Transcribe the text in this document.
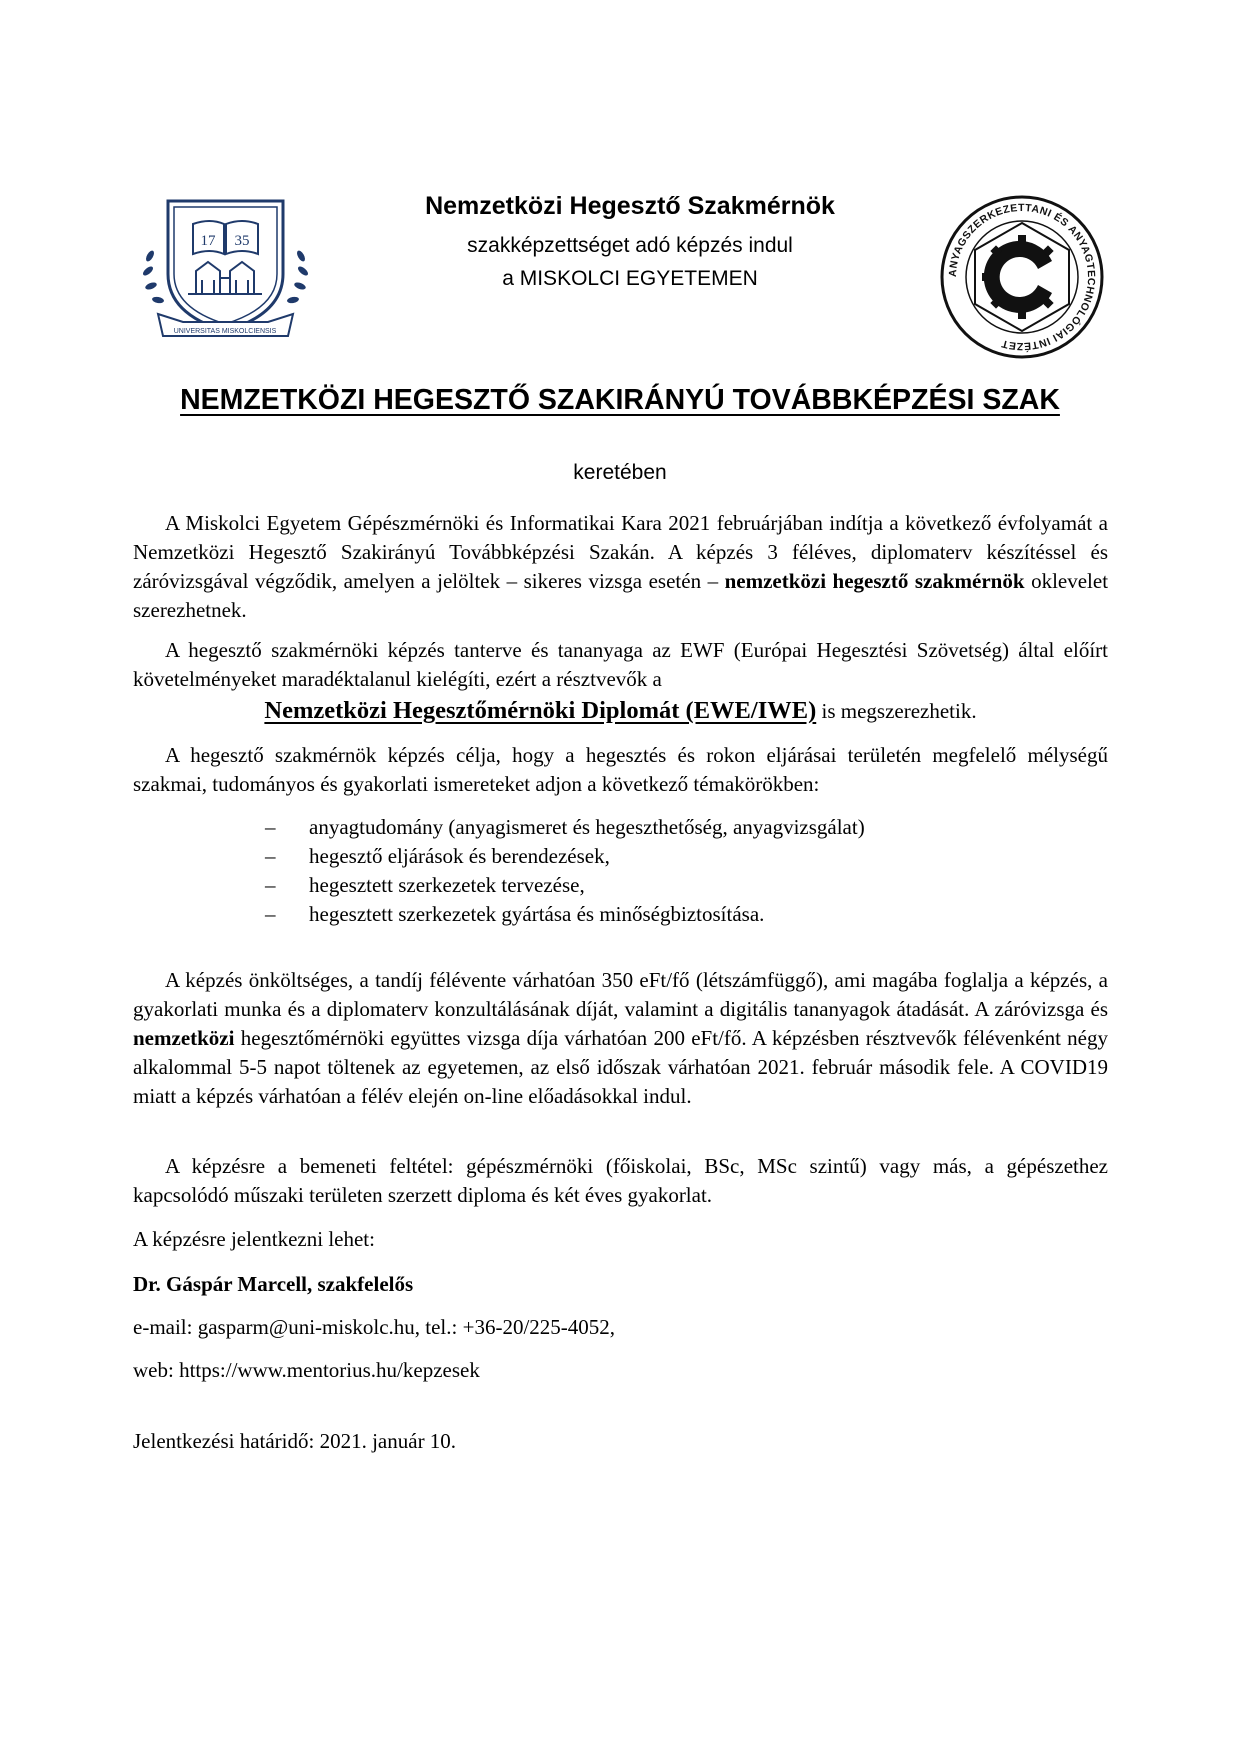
17 35
UNIVERSITAS MISKOLCIENSIS
Nemzetközi Hegesztő Szakmérnök
szakképzettséget adó képzés indul
a MISKOLCI EGYETEMEN	ANYAGSZERKEZETTANI ÉS ANYAGTECHNOLÓGIAI INTÉZET
NEMZETKÖZI HEGESZTŐ SZAKIRÁNYÚ TOVÁBBKÉPZÉSI SZAK
keretében
A Miskolci Egyetem Gépészmérnöki és Informatikai Kara 2021 februárjában indítja a következő évfolyamát a Nemzetközi Hegesztő Szakirányú Továbbképzési Szakán. A képzés 3 féléves, diplomaterv készítéssel és záróvizsgával végződik, amelyen a jelöltek – sikeres vizsga esetén – nemzetközi hegesztő szakmérnök oklevelet szerezhetnek.
A hegesztő szakmérnöki képzés tanterve és tananyaga az EWF (Európai Hegesztési Szövetség) által előírt követelményeket maradéktalanul kielégíti, ezért a résztvevők a
Nemzetközi Hegesztőmérnöki Diplomát (EWE/IWE) is megszerezhetik.
A hegesztő szakmérnök képzés célja, hogy a hegesztés és rokon eljárásai területén megfelelő mélységű szakmai, tudományos és gyakorlati ismereteket adjon a következő témakörökben:
– anyagtudomány (anyagismeret és hegeszthetőség, anyagvizsgálat)
– hegesztő eljárások és berendezések,
– hegesztett szerkezetek tervezése,
– hegesztett szerkezetek gyártása és minőségbiztosítása.
A képzés önköltséges, a tandíj félévente várhatóan 350 eFt/fő (létszámfüggő), ami magába foglalja a képzés, a gyakorlati munka és a diplomaterv konzultálásának díját, valamint a digitális tananyagok átadását. A záróvizsga és nemzetközi hegesztőmérnöki együttes vizsga díja várhatóan 200 eFt/fő. A képzésben résztvevők félévenként négy alkalommal 5-5 napot töltenek az egyetemen, az első időszak várhatóan 2021. február második fele. A COVID19 miatt a képzés várhatóan a félév elején on-line előadásokkal indul.
A képzésre a bemeneti feltétel: gépészmérnöki (főiskolai, BSc, MSc szintű) vagy más, a gépészethez kapcsolódó műszaki területen szerzett diploma és két éves gyakorlat.
A képzésre jelentkezni lehet:
Dr. Gáspár Marcell, szakfelelős
e-mail: gasparm@uni-miskolc.hu, tel.: +36-20/225-4052,
web: https://www.mentorius.hu/kepzesek
Jelentkezési határidő: 2021. január 10.
